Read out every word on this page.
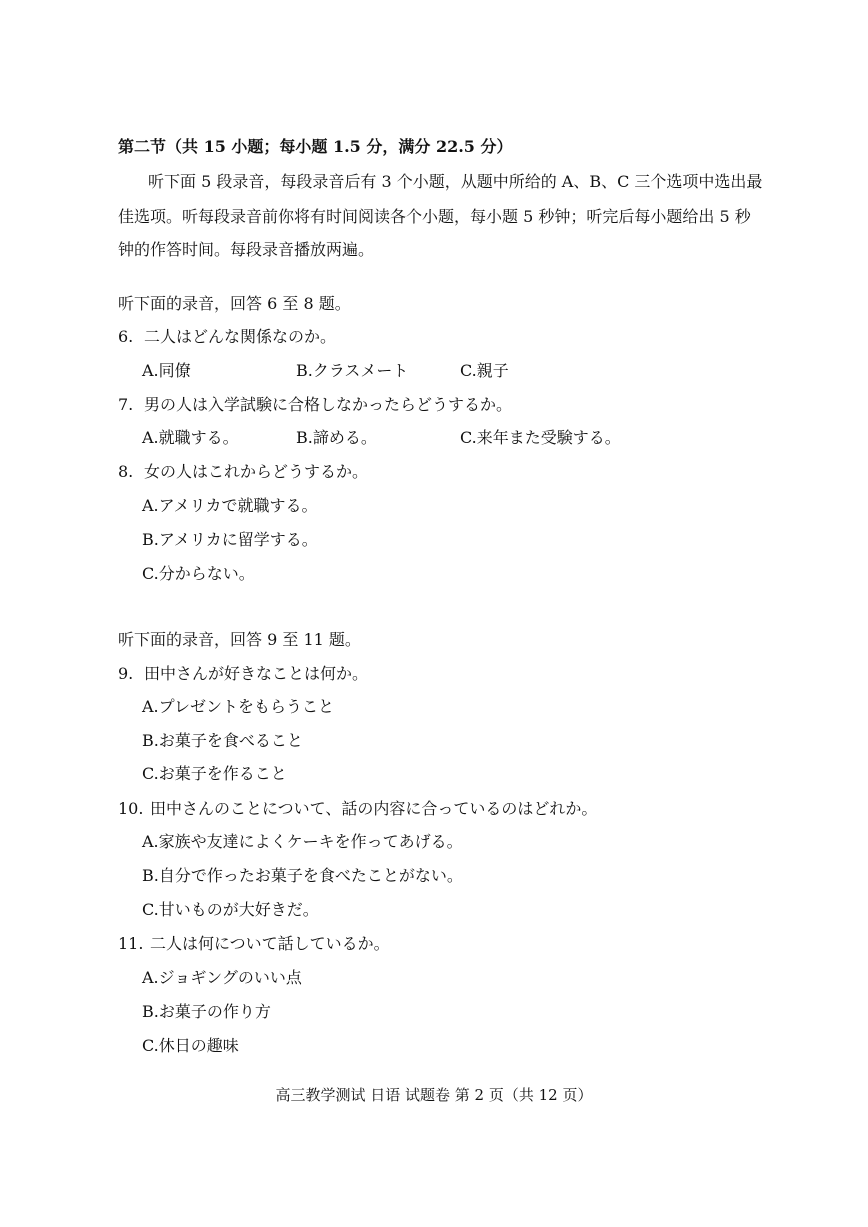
第二节（共 15 小题；每小题 1.5 分，满分 22.5 分）
听下面 5 段录音，每段录音后有 3 个小题，从题中所给的 A、B、C 三个选项中选出最
佳选项。听每段录音前你将有时间阅读各个小题，每小题 5 秒钟；听完后每小题给出 5 秒
钟的作答时间。每段录音播放两遍。
听下面的录音，回答 6 至 8 题。
6. 二人はどんな関係なのか。
A.同僚	B.クラスメート	C.親子
7. 男の人は入学試験に合格しなかったらどうするか。
A.就職する。	B.諦める。	C.来年また受験する。
8. 女の人はこれからどうするか。
A.アメリカで就職する。
B.アメリカに留学する。
C.分からない。
听下面的录音，回答 9 至 11 题。
9. 田中さんが好きなことは何か。
A.プレゼントをもらうこと
B.お菓子を食べること
C.お菓子を作ること
10. 田中さんのことについて、話の内容に合っているのはどれか。
A.家族や友達によくケーキを作ってあげる。
B.自分で作ったお菓子を食べたことがない。
C.甘いものが大好きだ。
11. 二人は何について話しているか。
A.ジョギングのいい点
B.お菓子の作り方
C.休日の趣味
高三教学测试 日语 试题卷 第 2 页（共 12 页）
